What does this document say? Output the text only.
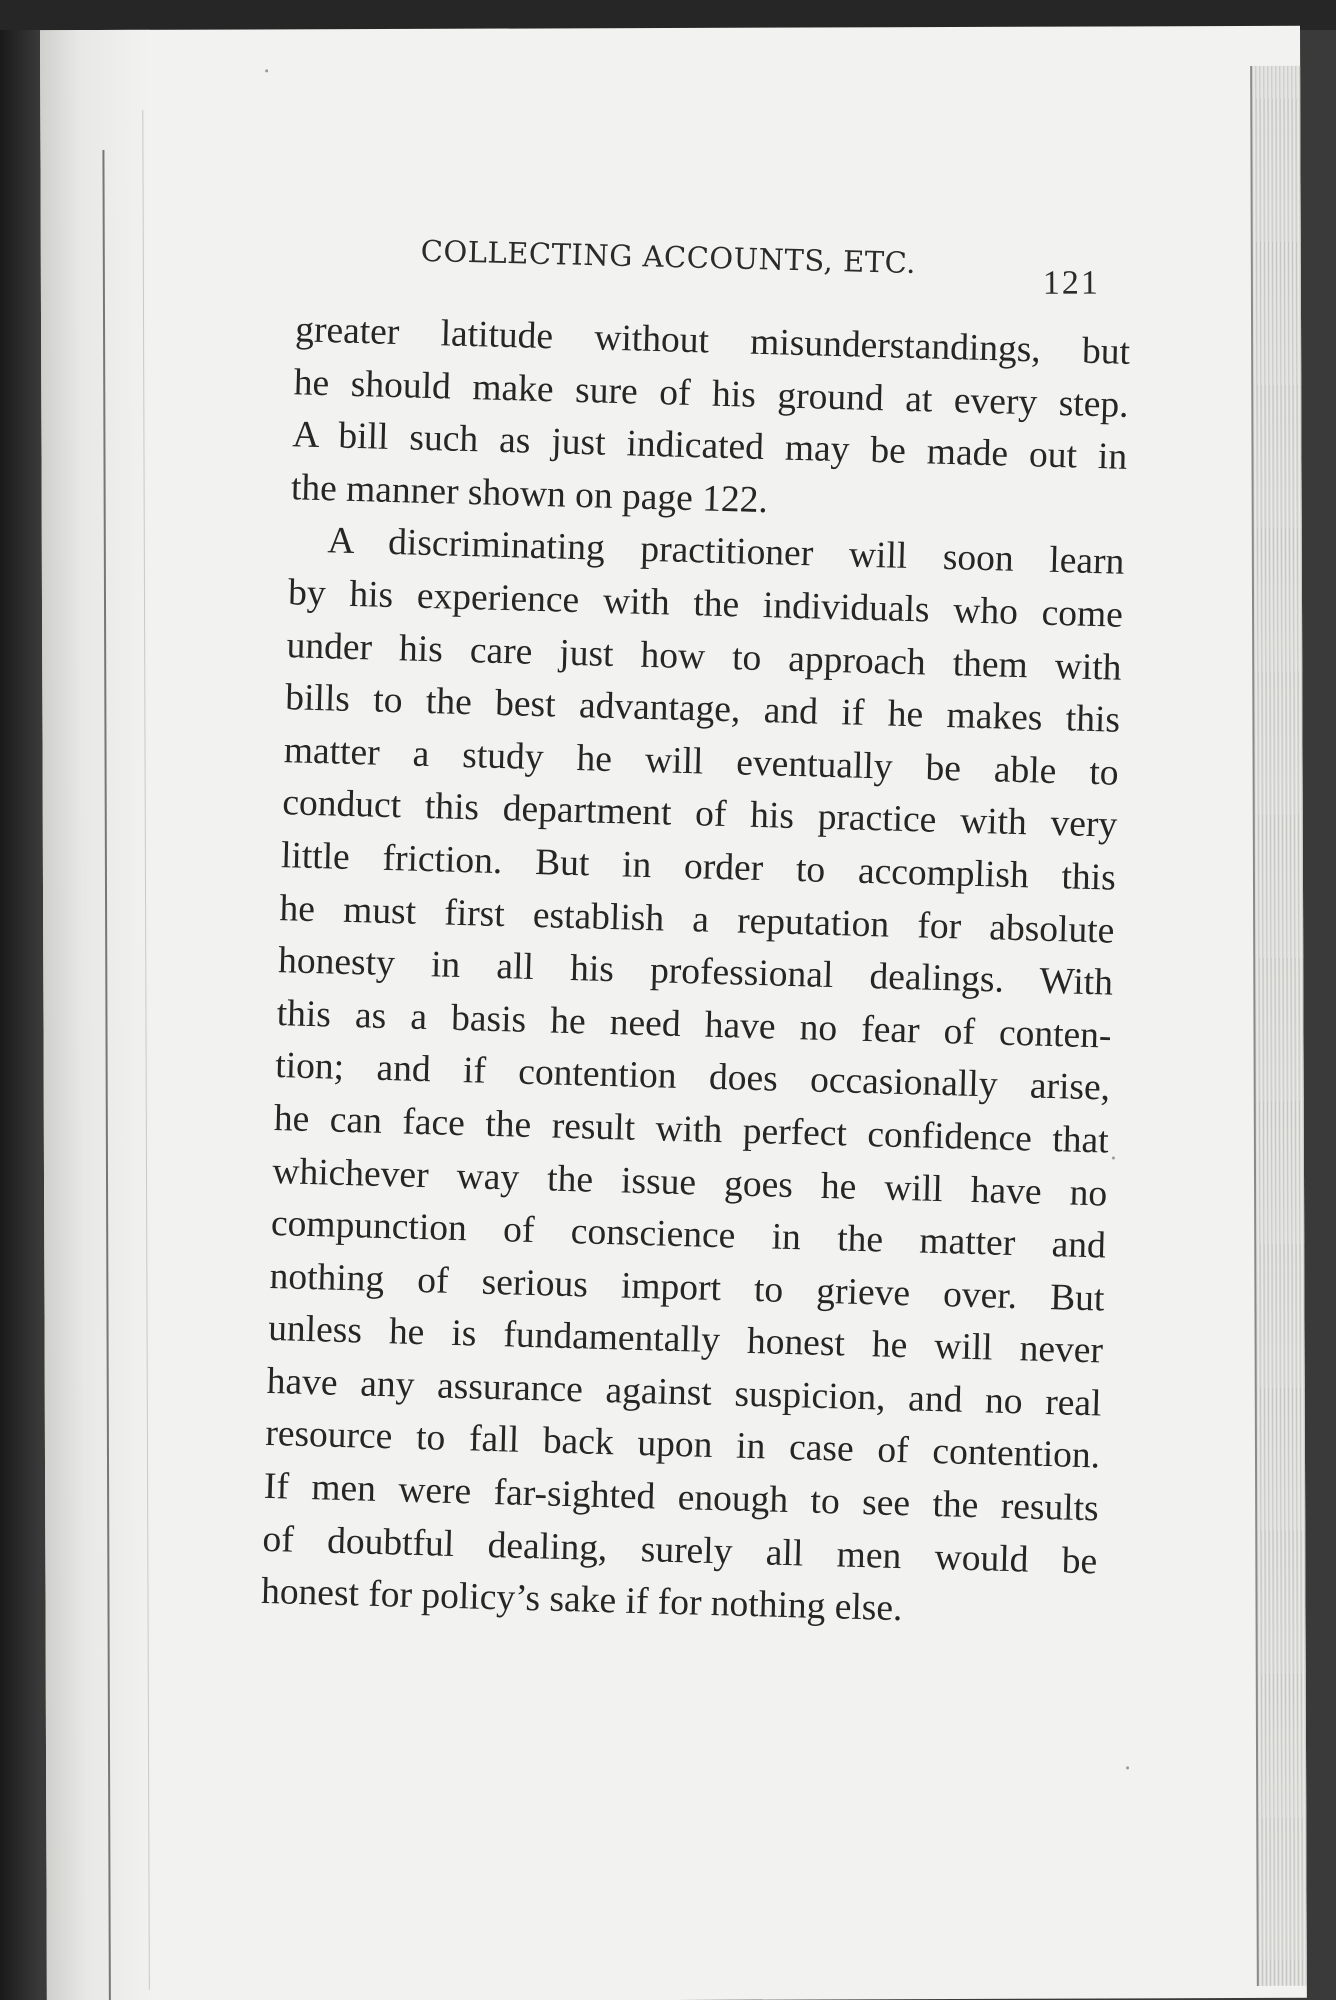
COLLECTING ACCOUNTS, ETC.
121

greater latitude without misunderstandings, but
he should make sure of his ground at every step.
A bill such as just indicated may be made out in
the manner shown on page 122.

A discriminating practitioner will soon learn
by his experience with the individuals who come
under his care just how to approach them with
bills to the best advantage, and if he makes this
matter a study he will eventually be able to
conduct this department of his practice with very
little friction. But in order to accomplish this
he must first establish a reputation for absolute
honesty in all his professional dealings. With
this as a basis he need have no fear of conten-
tion; and if contention does occasionally arise,
he can face the result with perfect confidence that
whichever way the issue goes he will have no
compunction of conscience in the matter and
nothing of serious import to grieve over. But
unless he is fundamentally honest he will never
have any assurance against suspicion, and no real
resource to fall back upon in case of contention.
If men were far-sighted enough to see the results
of doubtful dealing, surely all men would be
honest for policy’s sake if for nothing else.
